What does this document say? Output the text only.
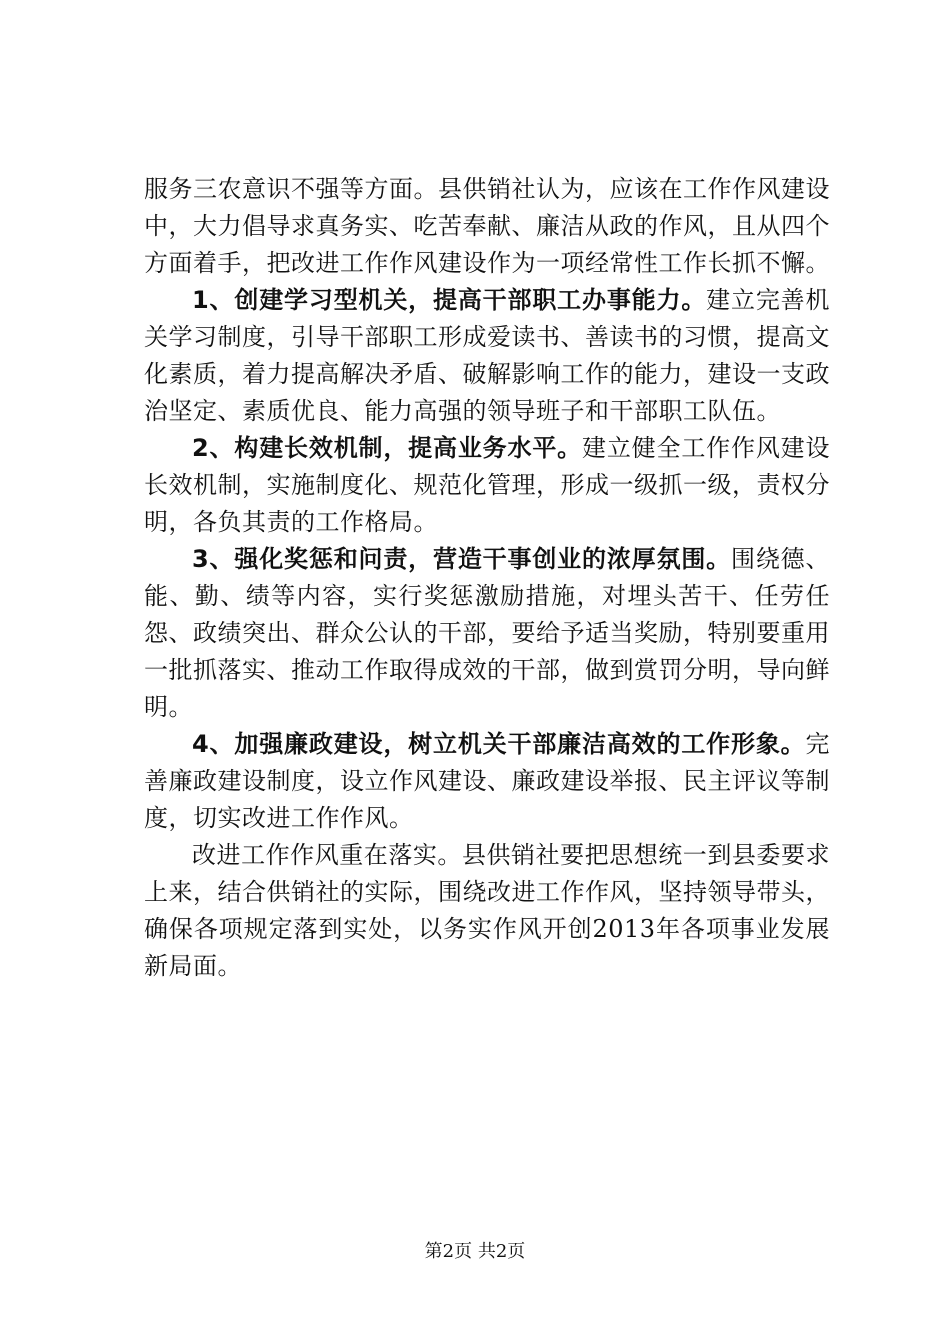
服务三农意识不强等方面。县供销社认为，应该在工作作风建设中，大力倡导求真务实、吃苦奉献、廉洁从政的作风，且从四个方面着手，把改进工作作风建设作为一项经常性工作长抓不懈。

1、创建学习型机关，提高干部职工办事能力。建立完善机关学习制度，引导干部职工形成爱读书、善读书的习惯，提高文化素质，着力提高解决矛盾、破解影响工作的能力，建设一支政治坚定、素质优良、能力高强的领导班子和干部职工队伍。

2、构建长效机制，提高业务水平。建立健全工作作风建设长效机制，实施制度化、规范化管理，形成一级抓一级，责权分明，各负其责的工作格局。

3、强化奖惩和问责，营造干事创业的浓厚氛围。围绕德、能、勤、绩等内容，实行奖惩激励措施，对埋头苦干、任劳任怨、政绩突出、群众公认的干部，要给予适当奖励，特别要重用一批抓落实、推动工作取得成效的干部，做到赏罚分明，导向鲜明。

4、加强廉政建设，树立机关干部廉洁高效的工作形象。完善廉政建设制度，设立作风建设、廉政建设举报、民主评议等制度，切实改进工作作风。

改进工作作风重在落实。县供销社要把思想统一到县委要求上来，结合供销社的实际，围绕改进工作作风，坚持领导带头，确保各项规定落到实处，以务实作风开创2013年各项事业发展新局面。

第2页 共2页
